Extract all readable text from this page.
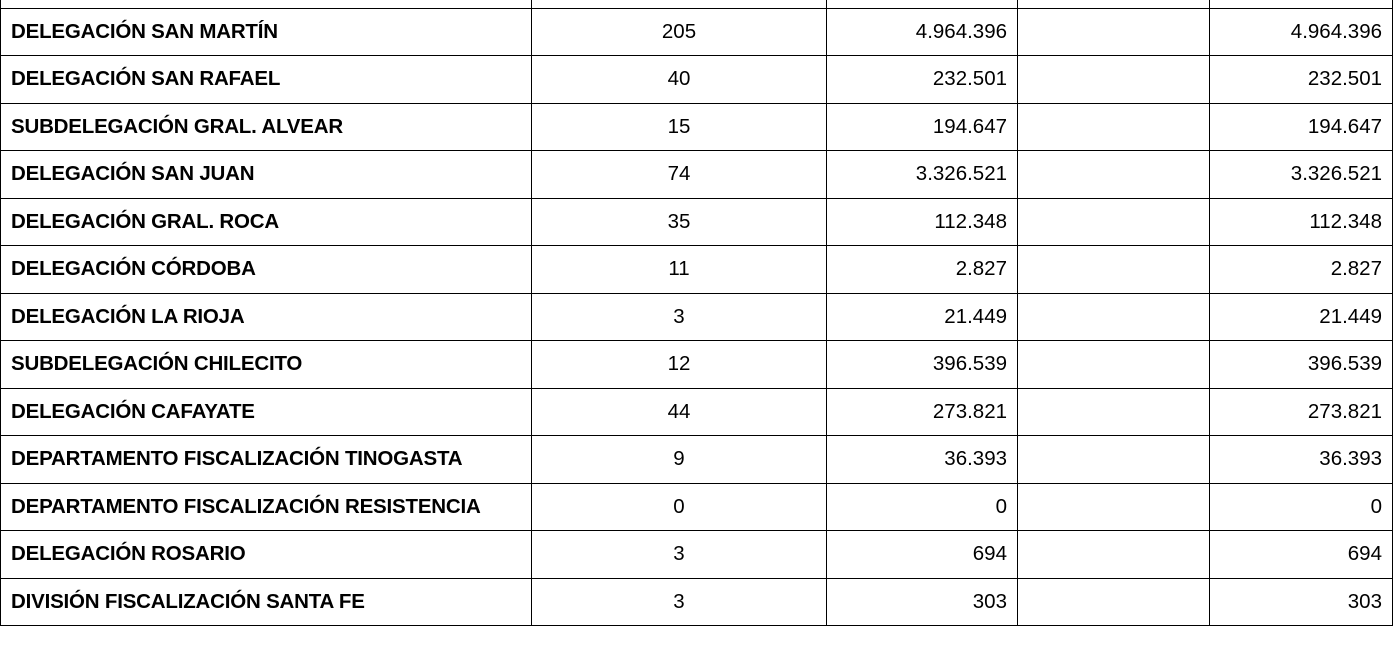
DELEGACIÓN SAN MARTÍN	205	4.964.396		4.964.396
DELEGACIÓN SAN RAFAEL	40	232.501		232.501
SUBDELEGACIÓN GRAL. ALVEAR	15	194.647		194.647
DELEGACIÓN SAN JUAN	74	3.326.521		3.326.521
DELEGACIÓN GRAL. ROCA	35	112.348		112.348
DELEGACIÓN CÓRDOBA	11	2.827		2.827
DELEGACIÓN LA RIOJA	3	21.449		21.449
SUBDELEGACIÓN CHILECITO	12	396.539		396.539
DELEGACIÓN CAFAYATE	44	273.821		273.821
DEPARTAMENTO FISCALIZACIÓN TINOGASTA	9	36.393		36.393
DEPARTAMENTO FISCALIZACIÓN RESISTENCIA	0	0		0
DELEGACIÓN ROSARIO	3	694		694
DIVISIÓN FISCALIZACIÓN SANTA FE	3	303		303
